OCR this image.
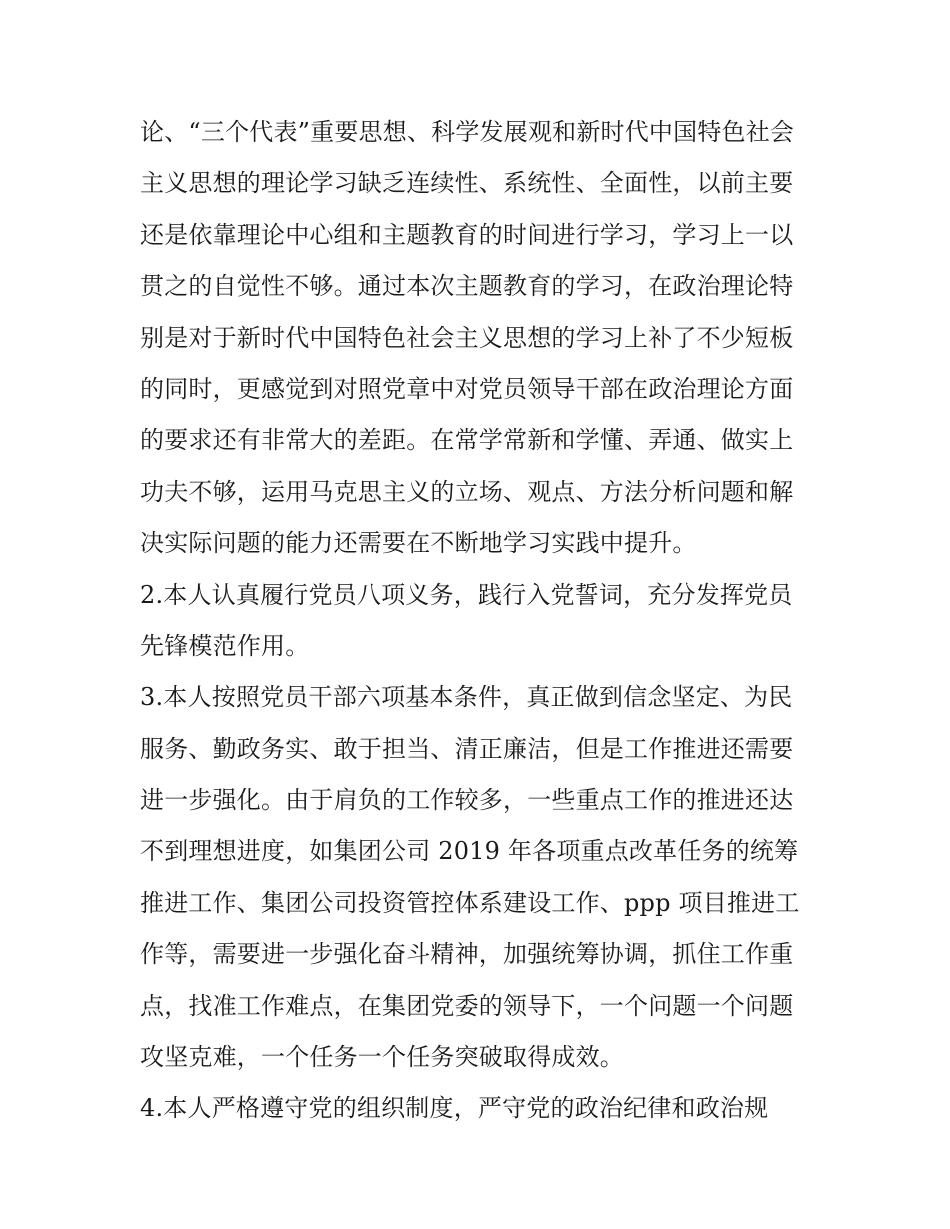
论、“三个代表”重要思想、科学发展观和新时代中国特色社会
主义思想的理论学习缺乏连续性、系统性、全面性，以前主要
还是依靠理论中心组和主题教育的时间进行学习，学习上一以
贯之的自觉性不够。通过本次主题教育的学习，在政治理论特
别是对于新时代中国特色社会主义思想的学习上补了不少短板
的同时，更感觉到对照党章中对党员领导干部在政治理论方面
的要求还有非常大的差距。在常学常新和学懂、弄通、做实上
功夫不够，运用马克思主义的立场、观点、方法分析问题和解
决实际问题的能力还需要在不断地学习实践中提升。
2.本人认真履行党员八项义务，践行入党誓词，充分发挥党员
先锋模范作用。
3.本人按照党员干部六项基本条件，真正做到信念坚定、为民
服务、勤政务实、敢于担当、清正廉洁，但是工作推进还需要
进一步强化。由于肩负的工作较多，一些重点工作的推进还达
不到理想进度，如集团公司 2019 年各项重点改革任务的统筹
推进工作、集团公司投资管控体系建设工作、ppp 项目推进工
作等，需要进一步强化奋斗精神，加强统筹协调，抓住工作重
点，找准工作难点，在集团党委的领导下，一个问题一个问题
攻坚克难，一个任务一个任务突破取得成效。
4.本人严格遵守党的组织制度，严守党的政治纪律和政治规
